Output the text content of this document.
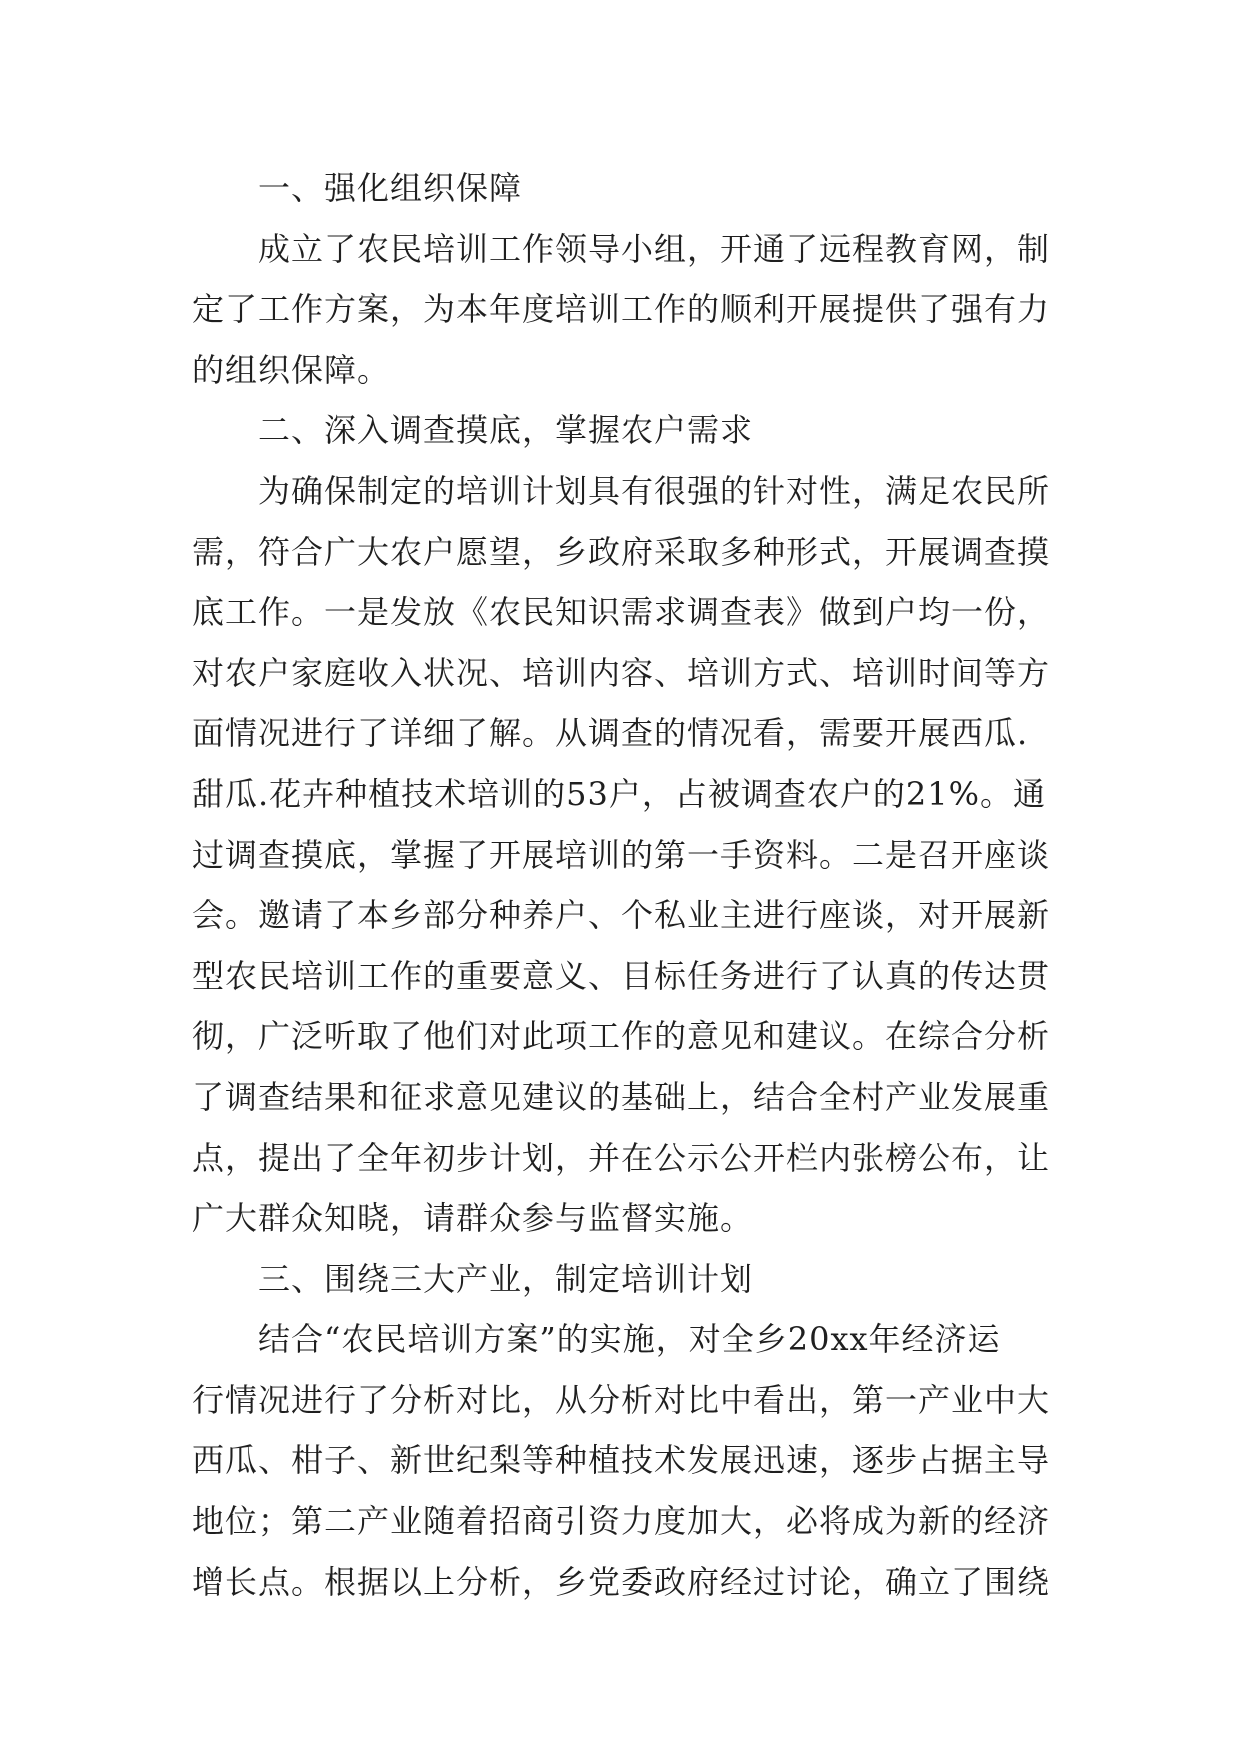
一、强化组织保障
成立了农民培训工作领导小组，开通了远程教育网，制
定了工作方案，为本年度培训工作的顺利开展提供了强有力
的组织保障。
二、深入调查摸底，掌握农户需求
为确保制定的培训计划具有很强的针对性，满足农民所
需，符合广大农户愿望，乡政府采取多种形式，开展调查摸
底工作。一是发放《农民知识需求调查表》做到户均一份，
对农户家庭收入状况、培训内容、培训方式、培训时间等方
面情况进行了详细了解。从调查的情况看，需要开展西瓜.
甜瓜.花卉种植技术培训的53户，占被调查农户的21%。通
过调查摸底，掌握了开展培训的第一手资料。二是召开座谈
会。邀请了本乡部分种养户、个私业主进行座谈，对开展新
型农民培训工作的重要意义、目标任务进行了认真的传达贯
彻，广泛听取了他们对此项工作的意见和建议。在综合分析
了调查结果和征求意见建议的基础上，结合全村产业发展重
点，提出了全年初步计划，并在公示公开栏内张榜公布，让
广大群众知晓，请群众参与监督实施。
三、围绕三大产业，制定培训计划
结合“农民培训方案”的实施，对全乡20xx年经济运
行情况进行了分析对比，从分析对比中看出，第一产业中大
西瓜、柑子、新世纪梨等种植技术发展迅速，逐步占据主导
地位；第二产业随着招商引资力度加大，必将成为新的经济
增长点。根据以上分析，乡党委政府经过讨论，确立了围绕
